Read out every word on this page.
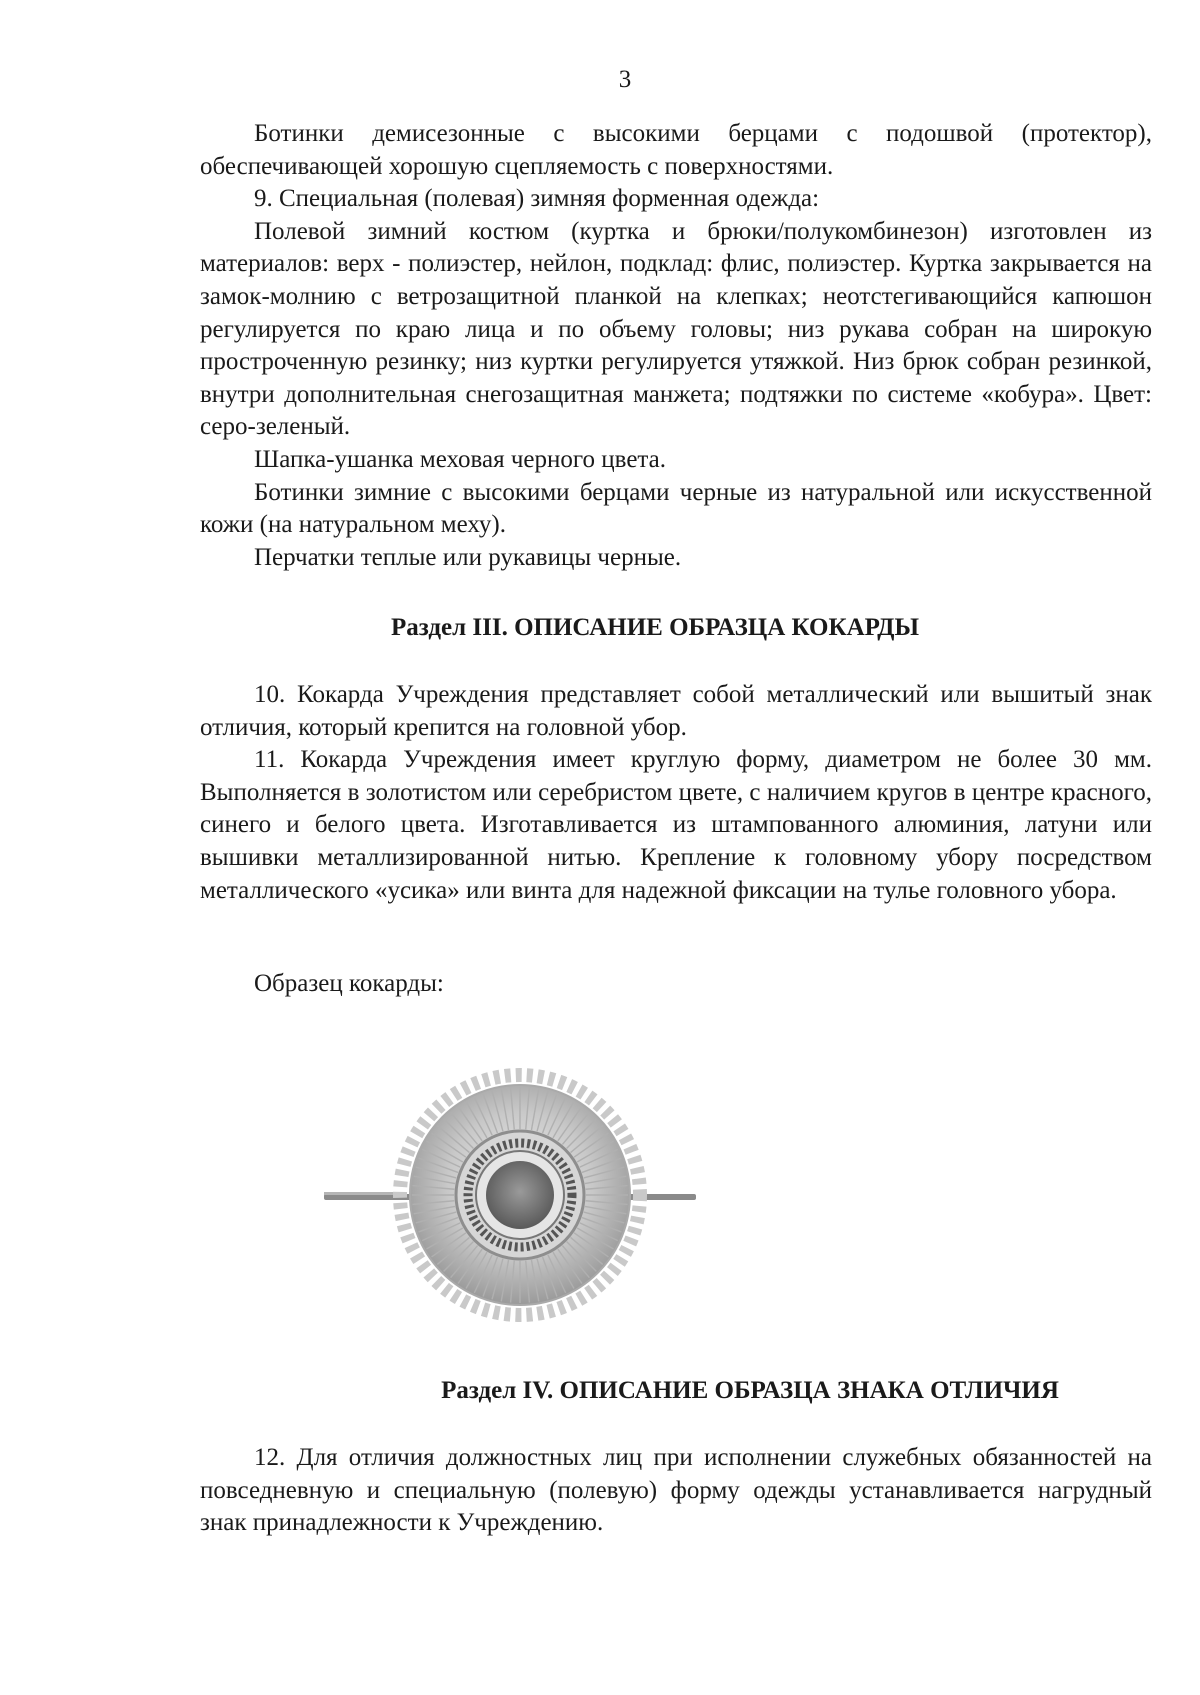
3

Ботинки демисезонные с высокими берцами с подошвой (протектор), обеспечивающей хорошую сцепляемость с поверхностями.

9. Специальная (полевая) зимняя форменная одежда:

Полевой зимний костюм (куртка и брюки/полукомбинезон) изготовлен из материалов: верх - полиэстер, нейлон, подклад: флис, полиэстер. Куртка закрывается на замок-молнию с ветрозащитной планкой на клепках; неотстегивающийся капюшон регулируется по краю лица и по объему головы; низ рукава собран на широкую простроченную резинку; низ куртки регулируется утяжкой. Низ брюк собран резинкой, внутри дополнительная снегозащитная манжета; подтяжки по системе «кобура». Цвет: серо-зеленый.

Шапка-ушанка меховая черного цвета.

Ботинки зимние с высокими берцами черные из натуральной или искусственной кожи (на натуральном меху).

Перчатки теплые или рукавицы черные.

Раздел III. ОПИСАНИЕ ОБРАЗЦА КОКАРДЫ

10. Кокарда Учреждения представляет собой металлический или вышитый знак отличия, который крепится на головной убор.

11. Кокарда Учреждения имеет круглую форму, диаметром не более 30 мм. Выполняется в золотистом или серебристом цвете, с наличием кругов в центре красного, синего и белого цвета. Изготавливается из штампованного алюминия, латуни или вышивки металлизированной нитью. Крепление к головному убору посредством металлического «усика» или винта для надежной фиксации на тулье головного убора.

Образец кокарды:
Раздел IV. ОПИСАНИЕ ОБРАЗЦА ЗНАКА ОТЛИЧИЯ

12. Для отличия должностных лиц при исполнении служебных обязанностей на повседневную и специальную (полевую) форму одежды устанавливается нагрудный знак принадлежности к Учреждению.
